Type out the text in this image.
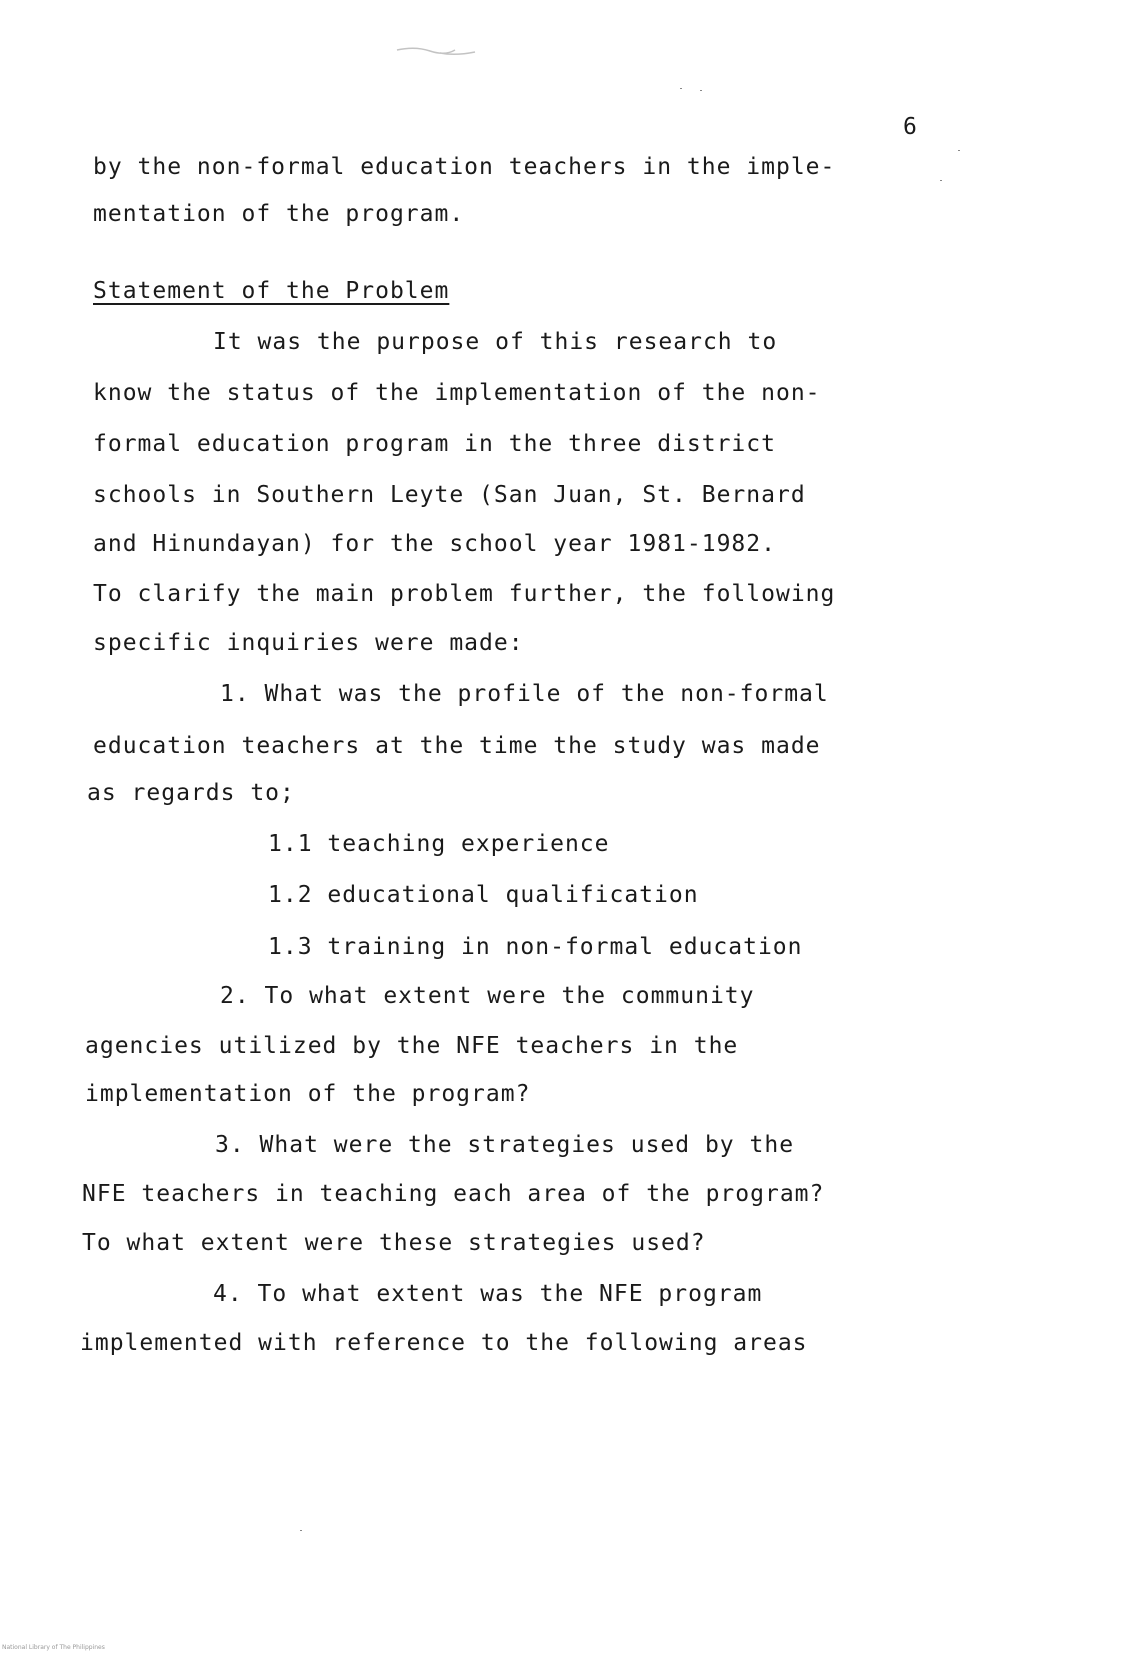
6
by the non-formal education teachers in the imple-
mentation of the program.
Statement of the Problem
It was the purpose of this research to
know the status of the implementation of the non-
formal education program in the three district
schools in Southern Leyte (San Juan, St. Bernard
and Hinundayan) for the school year 1981-1982.
To clarify the main problem further, the following
specific inquiries were made:
1. What was the profile of the non-formal
education teachers at the time the study was made
as regards to;
1.1 teaching experience
1.2 educational qualification
1.3 training in non-formal education
2. To what extent were the community
agencies utilized by the NFE teachers in the
implementation of the program?
3. What were the strategies used by the
NFE teachers in teaching each area of the program?
To what extent were these strategies used?
4. To what extent was the NFE program
implemented with reference to the following areas
National Library of The Philippines
